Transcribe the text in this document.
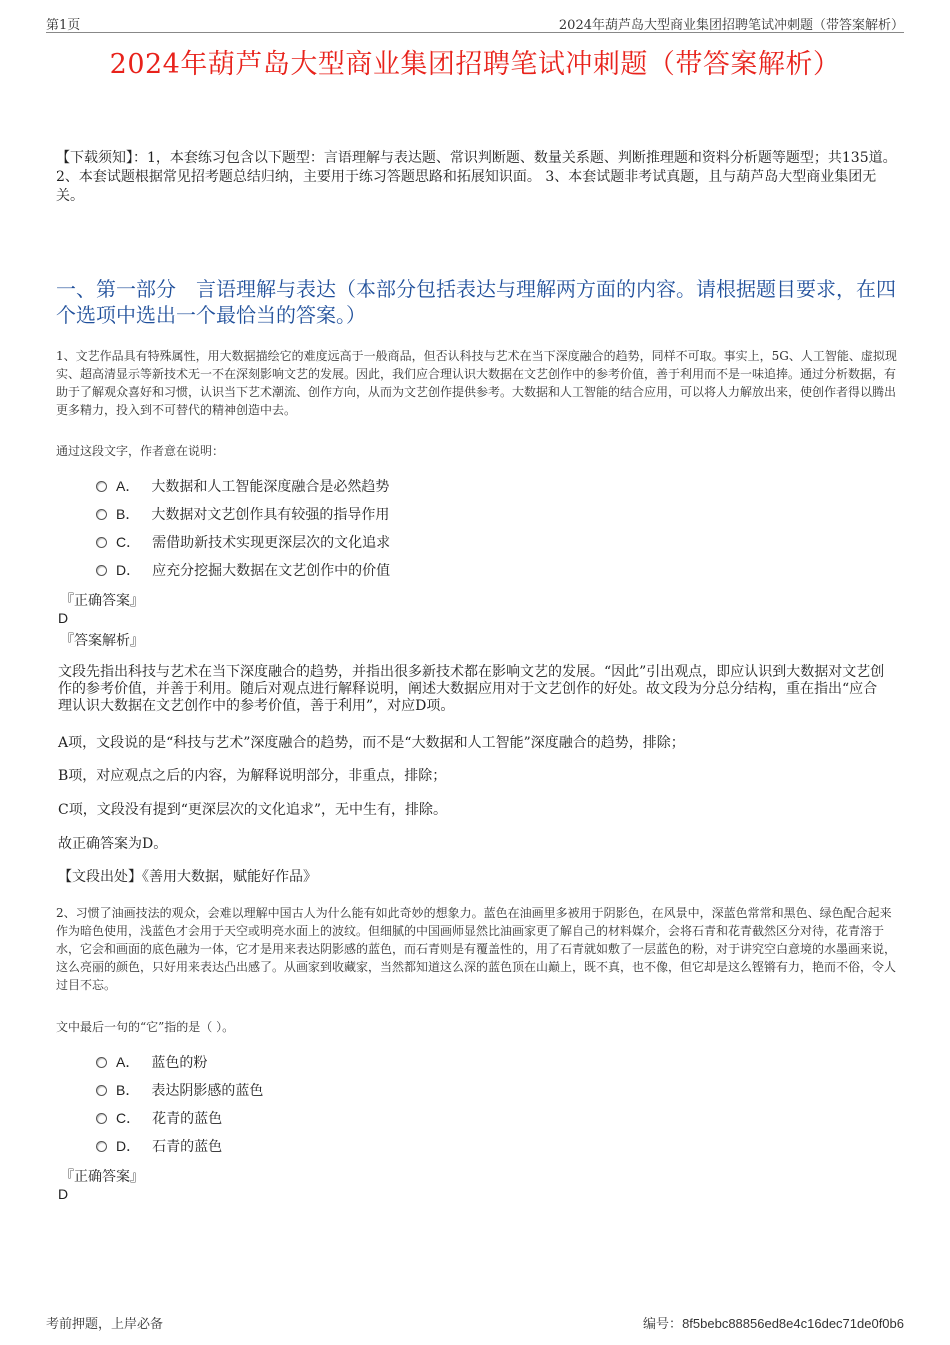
第1页	2024年葫芦岛大型商业集团招聘笔试冲刺题（带答案解析）
2024年葫芦岛大型商业集团招聘笔试冲刺题（带答案解析）
【下载须知】：1，本套练习包含以下题型：言语理解与表达题、常识判断题、数量关系题、判断推理题和资料分析题等题型；共135道。 2、本套试题根据常见招考题总结归纳，主要用于练习答题思路和拓展知识面。 3、本套试题非考试真题，且与葫芦岛大型商业集团无关。
一、第一部分　言语理解与表达（本部分包括表达与理解两方面的内容。请根据题目要求，在四个选项中选出一个最恰当的答案。）
1、文艺作品具有特殊属性，用大数据描绘它的难度远高于一般商品，但否认科技与艺术在当下深度融合的趋势，同样不可取。事实上，5G、人工智能、虚拟现实、超高清显示等新技术无一不在深刻影响文艺的发展。因此，我们应合理认识大数据在文艺创作中的参考价值，善于利用而不是一味追捧。通过分析数据，有助于了解观众喜好和习惯，认识当下艺术潮流、创作方向，从而为文艺创作提供参考。大数据和人工智能的结合应用，可以将人力解放出来，使创作者得以腾出更多精力，投入到不可替代的精神创造中去。
通过这段文字，作者意在说明：
A． 大数据和人工智能深度融合是必然趋势
B． 大数据对文艺创作具有较强的指导作用
C． 需借助新技术实现更深层次的文化追求
D． 应充分挖掘大数据在文艺创作中的价值
『正确答案』
D
『答案解析』
文段先指出科技与艺术在当下深度融合的趋势，并指出很多新技术都在影响文艺的发展。“因此”引出观点，即应认识到大数据对文艺创作的参考价值，并善于利用。随后对观点进行解释说明，阐述大数据应用对于文艺创作的好处。故文段为分总分结构，重在指出“应合理认识大数据在文艺创作中的参考价值，善于利用”，对应D项。
A项，文段说的是“科技与艺术”深度融合的趋势，而不是“大数据和人工智能”深度融合的趋势，排除；
B项，对应观点之后的内容，为解释说明部分，非重点，排除；
C项，文段没有提到“更深层次的文化追求”，无中生有，排除。
故正确答案为D。
【文段出处】《善用大数据，赋能好作品》
2、习惯了油画技法的观众，会难以理解中国古人为什么能有如此奇妙的想象力。蓝色在油画里多被用于阴影色，在风景中，深蓝色常常和黑色、绿色配合起来作为暗色使用，浅蓝色才会用于天空或明亮水面上的波纹。但细腻的中国画师显然比油画家更了解自己的材料媒介，会将石青和花青截然区分对待，花青溶于水，它会和画面的底色融为一体，它才是用来表达阴影感的蓝色，而石青则是有覆盖性的，用了石青就如敷了一层蓝色的粉，对于讲究空白意境的水墨画来说，这么亮丽的颜色，只好用来表达凸出感了。从画家到收藏家，当然都知道这么深的蓝色顶在山巅上，既不真，也不像，但它却是这么铿锵有力，艳而不俗，令人过目不忘。
文中最后一句的“它”指的是（ ）。
A． 蓝色的粉
B． 表达阴影感的蓝色
C． 花青的蓝色
D． 石青的蓝色
『正确答案』
D
考前押题，上岸必备	编号：8f5bebc88856ed8e4c16dec71de0f0b6
